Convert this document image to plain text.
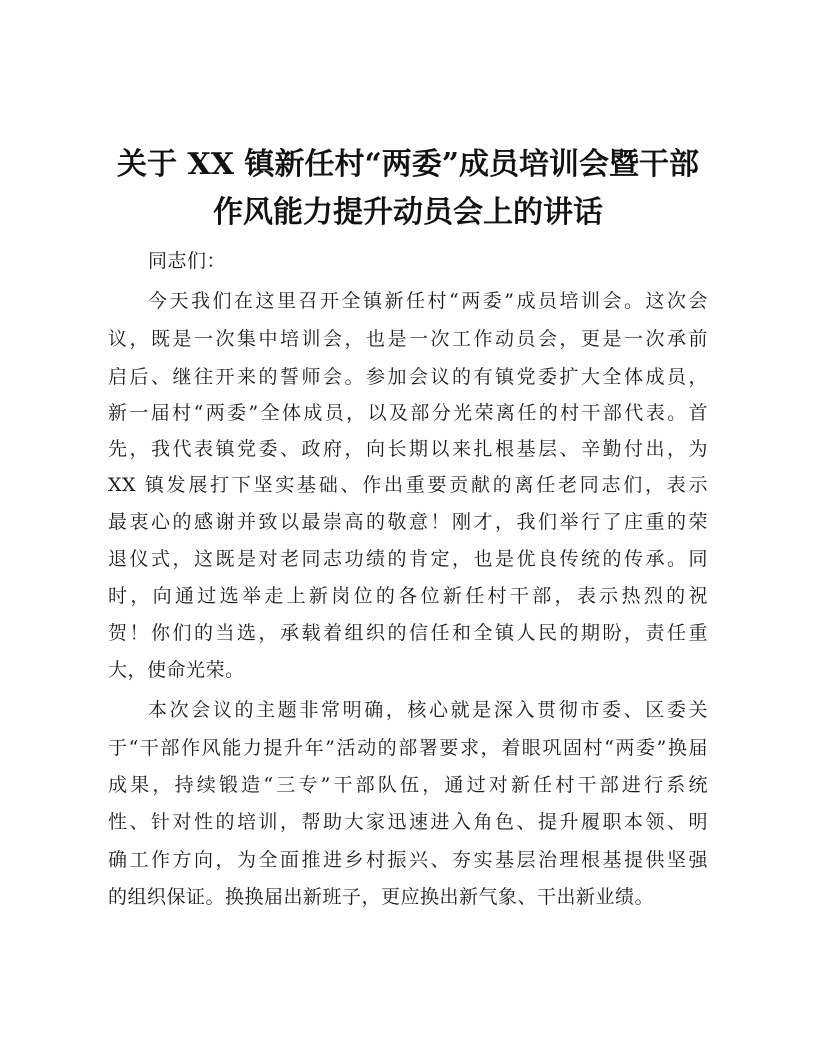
关于 XX 镇新任村“两委”成员培训会暨干部
作风能力提升动员会上的讲话
同志们：
今天我们在这里召开全镇新任村“两委”成员培训会。这次会
议，既是一次集中培训会，也是一次工作动员会，更是一次承前
启后、继往开来的誓师会。参加会议的有镇党委扩大全体成员，
新一届村“两委”全体成员，以及部分光荣离任的村干部代表。首
先，我代表镇党委、政府，向长期以来扎根基层、辛勤付出，为
XX 镇发展打下坚实基础、作出重要贡献的离任老同志们，表示
最衷心的感谢并致以最崇高的敬意！刚才，我们举行了庄重的荣
退仪式，这既是对老同志功绩的肯定，也是优良传统的传承。同
时，向通过选举走上新岗位的各位新任村干部，表示热烈的祝
贺！你们的当选，承载着组织的信任和全镇人民的期盼，责任重
大，使命光荣。
本次会议的主题非常明确，核心就是深入贯彻市委、区委关
于“干部作风能力提升年”活动的部署要求，着眼巩固村“两委”换届
成果，持续锻造“三专”干部队伍，通过对新任村干部进行系统
性、针对性的培训，帮助大家迅速进入角色、提升履职本领、明
确工作方向，为全面推进乡村振兴、夯实基层治理根基提供坚强
的组织保证。换换届出新班子，更应换出新气象、干出新业绩。
